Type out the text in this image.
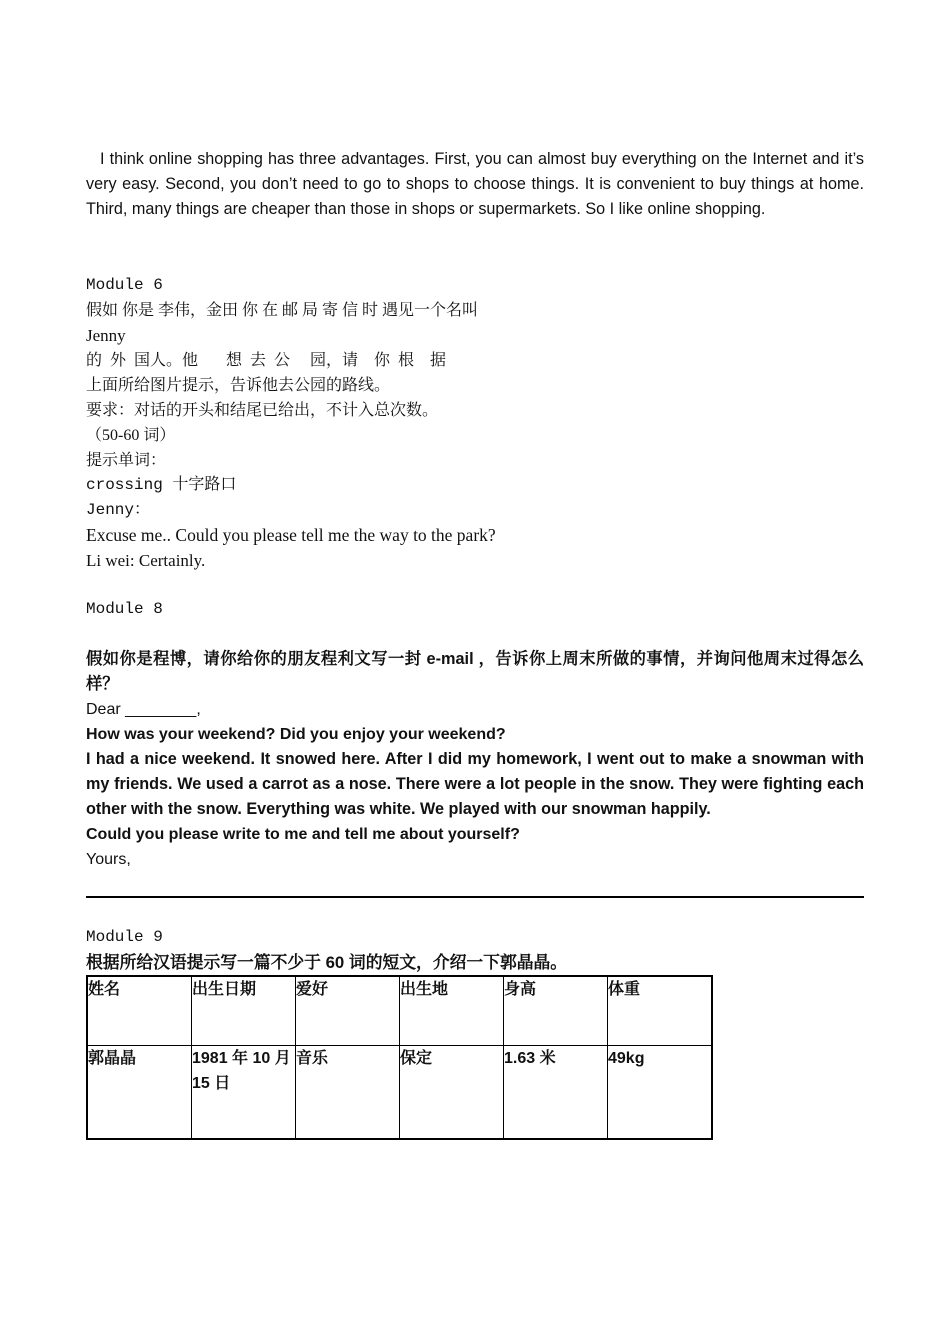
I think online shopping has three advantages. First, you can almost buy everything on the Internet and it’s very easy. Second, you don’t need to go to shops to choose things. It is convenient to buy things at home. Third, many things are cheaper than those in shops or supermarkets. So I like online shopping.

Module 6

假如 你是 李伟，金田 你 在 邮 局 寄 信 时 遇见一个名叫

Jenny

的  外  国人。他       想  去  公     园，请    你  根    据

上面所给图片提示，告诉他去公园的路线。

要求：对话的开头和结尾已给出，不计入总次数。

（50-60 词）

提示单词：

crossing 十字路口

Jenny：

Excuse me.. Could you please tell me the way to the park?

Li wei: Certainly.

Module 8

假如你是程博，请你给你的朋友程利文写一封 e-mail ，告诉你上周末所做的事情，并询问他周末过得怎么样？

Dear ________,

How was your weekend? Did you enjoy your weekend?

I had a nice weekend. It snowed here. After I did my homework, I went out to make a snowman with my friends. We used a carrot as a nose. There were a lot people in the snow. They were fighting each other with the snow. Everything was white. We played with our snowman happily.

Could you please write to me and tell me about yourself?

Yours,

Module 9

根据所给汉语提示写一篇不少于 60 词的短文，介绍一下郭晶晶。

姓名	出生日期	爱好	出生地	身高	体重
郭晶晶	1981 年 10 月 15 日	音乐	保定	1.63 米	49kg
